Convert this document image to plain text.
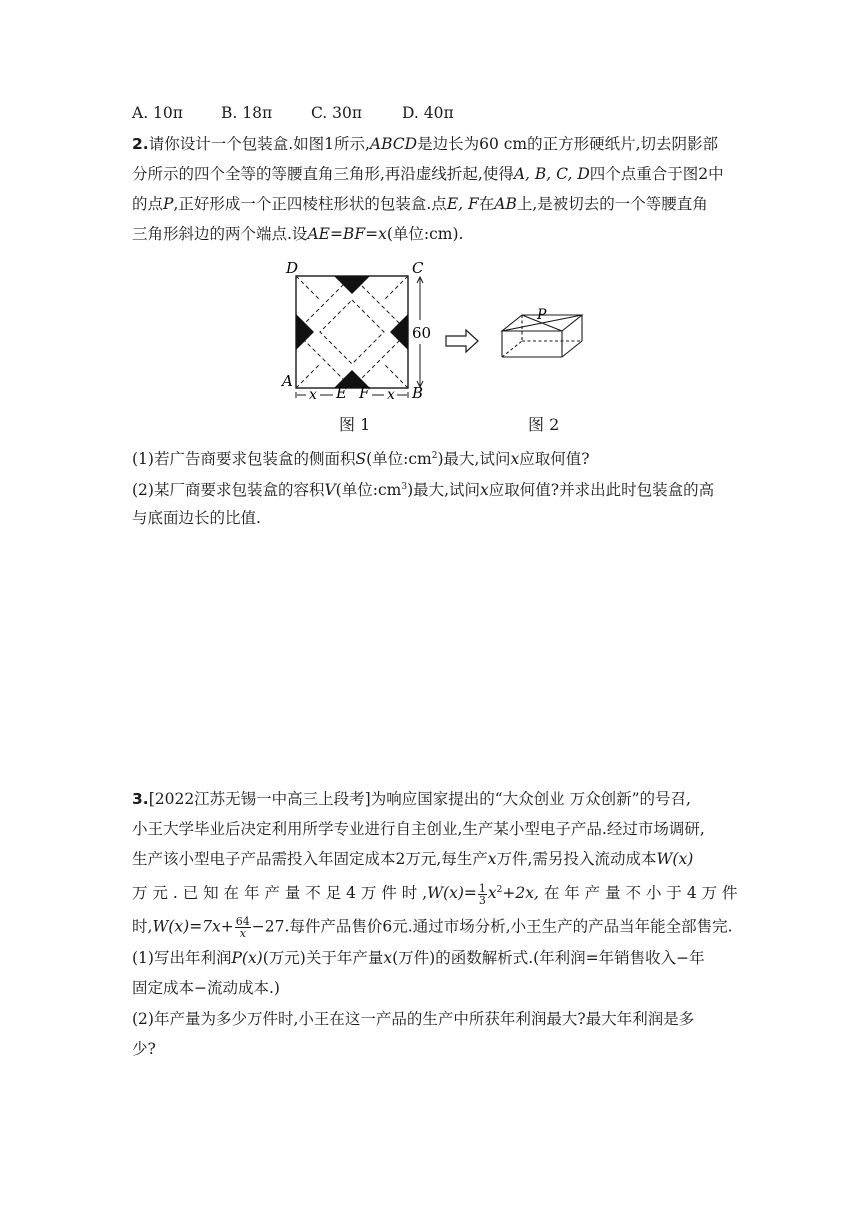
A. 10π B. 18π	C. 30π	D. 40π
2.请你设计一个包装盒.如图1所示,ABCD是边长为60 cm的正方形硬纸片,切去阴影部
分所示的四个全等的等腰直角三角形,再沿虚线折起,使得A, B, C, D四个点重合于图2中
的点P,正好形成一个正四棱柱形状的包装盒.点E, F在AB上,是被切去的一个等腰直角
三角形斜边的两个端点.设AE=BF=x(单位:cm).
D	C
A
B
E F
x	x
60
P
图 1	图 2
(1)若广告商要求包装盒的侧面积S(单位$:cm^2$)最大,试问x应取何值?
(2)某厂商要求包装盒的容积V(单位$:cm^3$)最大,试问x应取何值?并求出此时包装盒的高
与底面边长的比值.
3.[2022江苏无锡一中高三上段考]为响应国家提出的“大众创业 万众创新”的号召,
小王大学毕业后决定利用所学专业进行自主创业,生产某小型电子产品.经过市场调研,
生产该小型电子产品需投入年固定成本2万元,每生产x万件,需另投入流动成本W(x)
万 元 . 已 知 在 年 产 量 不 足 4 万 件 时 $,W(x)= \frac{1}{3} x^2+2x$, 在 年 产 量 不 小 于 4 万 件
时$,W(x)=7x+ \frac{64}{x} -27$.每件产品售价6元.通过市场分析,小王生产的产品当年能全部售完.
(1)写出年利润P(x)(万元)关于年产量x(万件)的函数解析式.(年利润=年销售收入−年
固定成本−流动成本.)
(2)年产量为多少万件时,小王在这一产品的生产中所获年利润最大?最大年利润是多
少?
